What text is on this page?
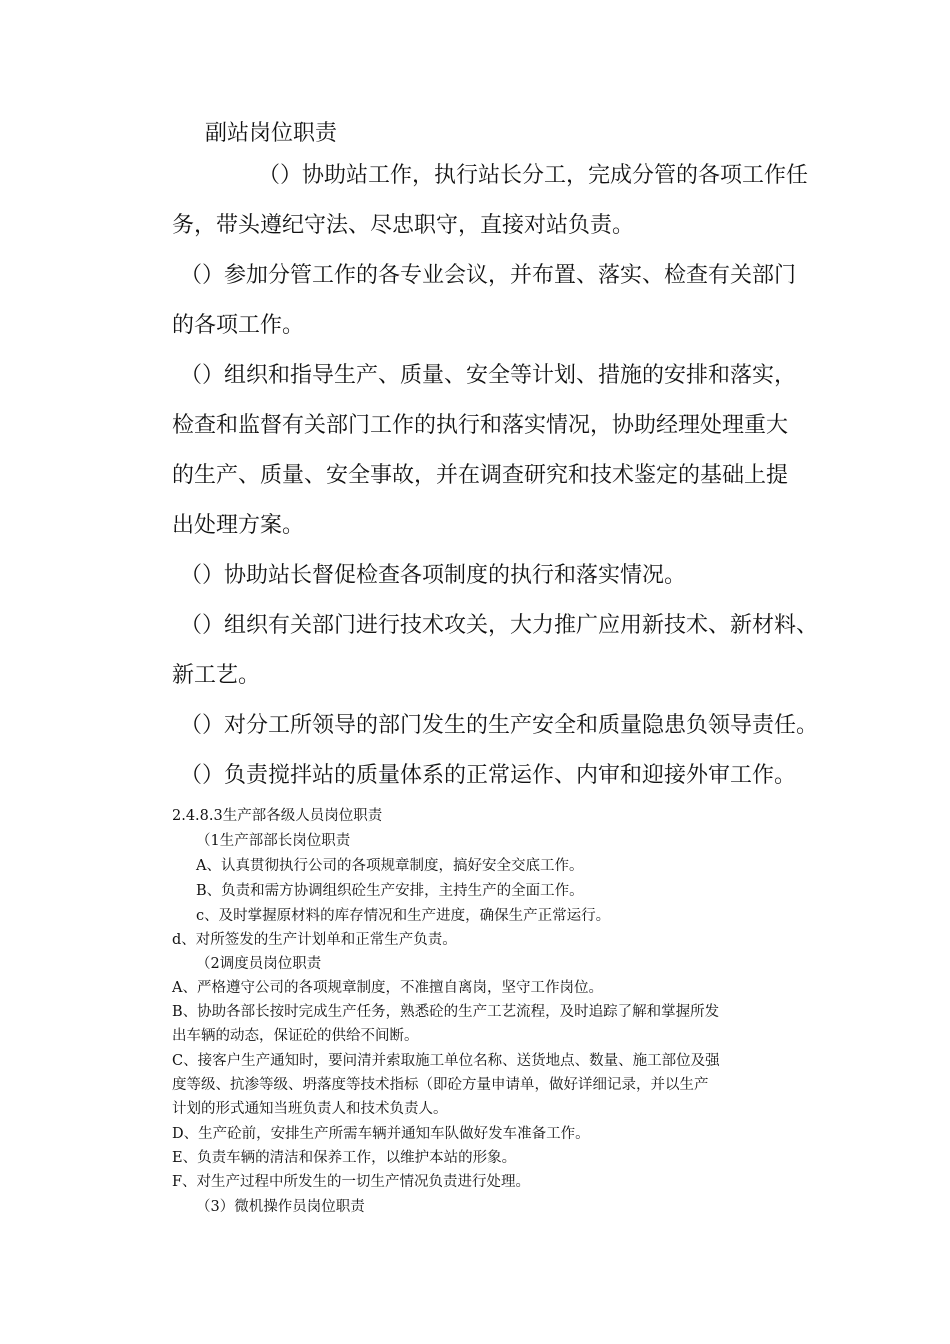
副站岗位职责
（）协助站工作，执行站长分工，完成分管的各项工作任
务，带头遵纪守法、尽忠职守，直接对站负责。
（）参加分管工作的各专业会议，并布置、落实、检查有关部门
的各项工作。
（）组织和指导生产、质量、安全等计划、措施的安排和落实，
检查和监督有关部门工作的执行和落实情况，协助经理处理重大
的生产、质量、安全事故，并在调查研究和技术鉴定的基础上提
出处理方案。
（）协助站长督促检查各项制度的执行和落实情况。
（）组织有关部门进行技术攻关，大力推广应用新技术、新材料、
新工艺。
（）对分工所领导的部门发生的生产安全和质量隐患负领导责任。
（）负责搅拌站的质量体系的正常运作、内审和迎接外审工作。
2.4.8.3生产部各级人员岗位职责
（1生产部部长岗位职责
A、认真贯彻执行公司的各项规章制度，搞好安全交底工作。
B、负责和需方协调组织砼生产安排，主持生产的全面工作。
c、及时掌握原材料的库存情况和生产进度，确保生产正常运行。
d、对所签发的生产计划单和正常生产负责。
（2调度员岗位职责
A、严格遵守公司的各项规章制度，不准擅自离岗，坚守工作岗位。
B、协助各部长按时完成生产任务，熟悉砼的生产工艺流程，及时追踪了解和掌握所发
出车辆的动态，保证砼的供给不间断。
C、接客户生产通知时，要问清并索取施工单位名称、送货地点、数量、施工部位及强
度等级、抗渗等级、坍落度等技术指标（即砼方量申请单，做好详细记录，并以生产
计划的形式通知当班负责人和技术负责人。
D、生产砼前，安排生产所需车辆并通知车队做好发车准备工作。
E、负责车辆的清洁和保养工作，以维护本站的形象。
F、对生产过程中所发生的一切生产情况负责进行处理。
（3）微机操作员岗位职责
